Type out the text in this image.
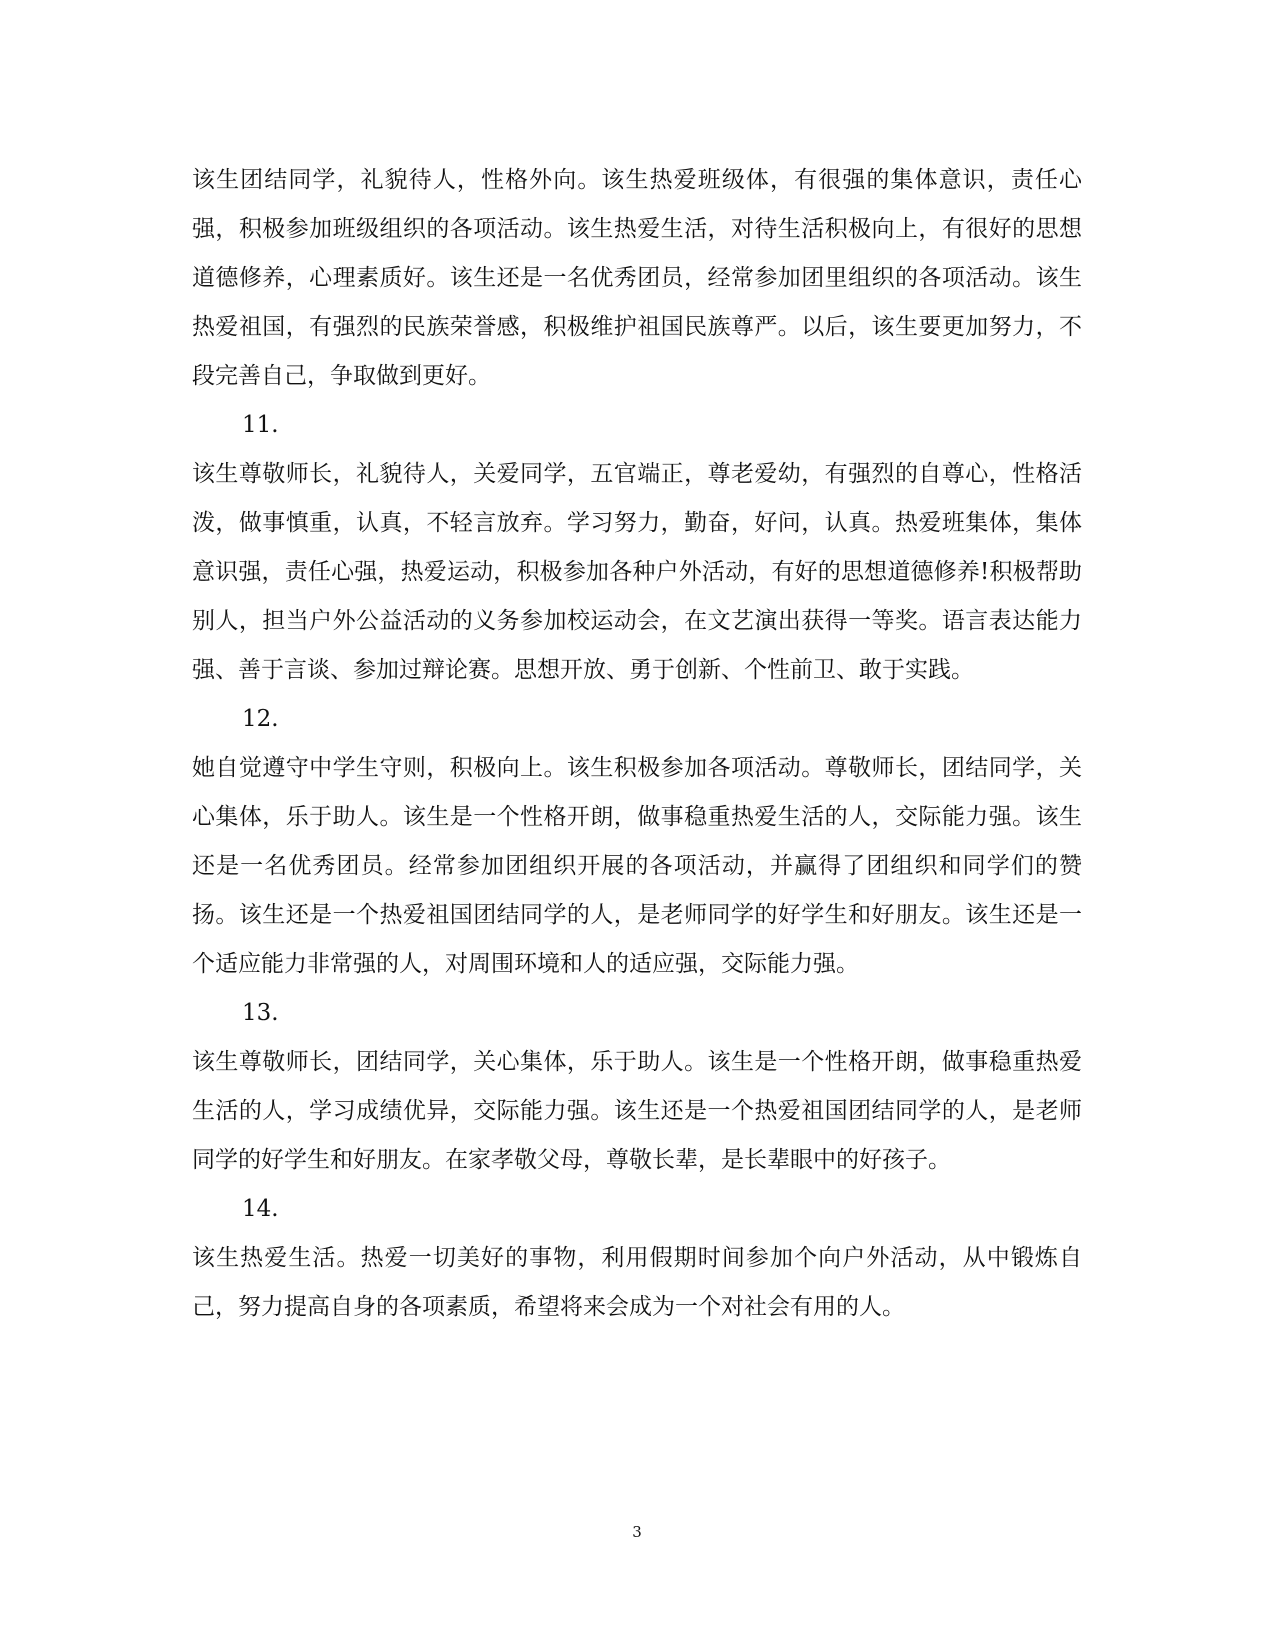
该生团结同学，礼貌待人，性格外向。该生热爱班级体，有很强的集体意识，责任心强，积极参加班级组织的各项活动。该生热爱生活，对待生活积极向上，有很好的思想道德修养，心理素质好。该生还是一名优秀团员，经常参加团里组织的各项活动。该生热爱祖国，有强烈的民族荣誉感，积极维护祖国民族尊严。以后，该生要更加努力，不段完善自己，争取做到更好。

11.

该生尊敬师长，礼貌待人，关爱同学，五官端正，尊老爱幼，有强烈的自尊心，性格活泼，做事慎重，认真，不轻言放弃。学习努力，勤奋，好问，认真。热爱班集体，集体意识强，责任心强，热爱运动，积极参加各种户外活动，有好的思想道德修养!积极帮助别人，担当户外公益活动的义务参加校运动会，在文艺演出获得一等奖。语言表达能力强、善于言谈、参加过辩论赛。思想开放、勇于创新、个性前卫、敢于实践。

12.

她自觉遵守中学生守则，积极向上。该生积极参加各项活动。尊敬师长，团结同学，关心集体，乐于助人。该生是一个性格开朗，做事稳重热爱生活的人，交际能力强。该生还是一名优秀团员。经常参加团组织开展的各项活动，并赢得了团组织和同学们的赞扬。该生还是一个热爱祖国团结同学的人，是老师同学的好学生和好朋友。该生还是一个适应能力非常强的人，对周围环境和人的适应强，交际能力强。

13.

该生尊敬师长，团结同学，关心集体，乐于助人。该生是一个性格开朗，做事稳重热爱生活的人，学习成绩优异，交际能力强。该生还是一个热爱祖国团结同学的人，是老师同学的好学生和好朋友。在家孝敬父母，尊敬长辈，是长辈眼中的好孩子。

14.

该生热爱生活。热爱一切美好的事物，利用假期时间参加个向户外活动，从中锻炼自己，努力提高自身的各项素质，希望将来会成为一个对社会有用的人。

3
